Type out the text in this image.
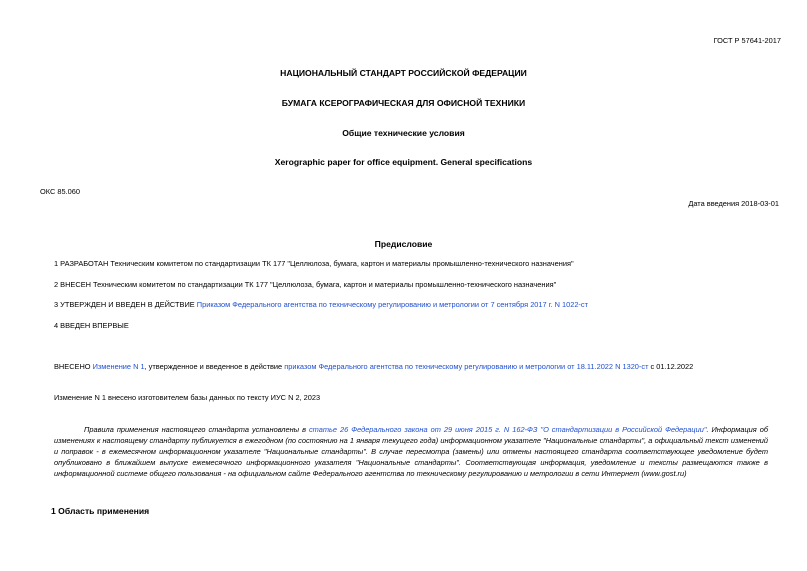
ГОСТ Р 57641-2017
НАЦИОНАЛЬНЫЙ СТАНДАРТ РОССИЙСКОЙ ФЕДЕРАЦИИ
БУМАГА КСЕРОГРАФИЧЕСКАЯ ДЛЯ ОФИСНОЙ ТЕХНИКИ
Общие технические условия
Xerographic paper for office equipment. General specifications
ОКС 85.060
Дата введения 2018-03-01
Предисловие
1 РАЗРАБОТАН Техническим комитетом по стандартизации ТК 177 "Целлюлоза, бумага, картон и материалы промышленно-технического назначения"
2 ВНЕСЕН Техническим комитетом по стандартизации ТК 177 "Целлюлоза, бумага, картон и материалы промышленно-технического назначения"
3 УТВЕРЖДЕН И ВВЕДЕН В ДЕЙСТВИЕ Приказом Федерального агентства по техническому регулированию и метрологии от 7 сентября 2017 г. N 1022-ст
4 ВВЕДЕН ВПЕРВЫЕ
ВНЕСЕНО Изменение N 1, утвержденное и введенное в действие приказом Федерального агентства по техническому регулированию и метрологии от 18.11.2022 N 1320-ст с 01.12.2022
Изменение N 1 внесено изготовителем базы данных по тексту ИУС N 2, 2023
Правила применения настоящего стандарта установлены в статье 26 Федерального закона от 29 июня 2015 г. N 162-ФЗ "О стандартизации в Российской Федерации". Информация об изменениях к настоящему стандарту публикуется в ежегодном (по состоянию на 1 января текущего года) информационном указателе "Национальные стандарты", а официальный текст изменений и поправок - в ежемесячном информационном указателе "Национальные стандарты". В случае пересмотра (замены) или отмены настоящего стандарта соответствующее уведомление будет опубликовано в ближайшем выпуске ежемесячного информационного указателя "Национальные стандарты". Соответствующая информация, уведомление и тексты размещаются также в информационной системе общего пользования - на официальном сайте Федерального агентства по техническому регулированию и метрологии в сети Интернет (www.gost.ru)
1 Область применения
